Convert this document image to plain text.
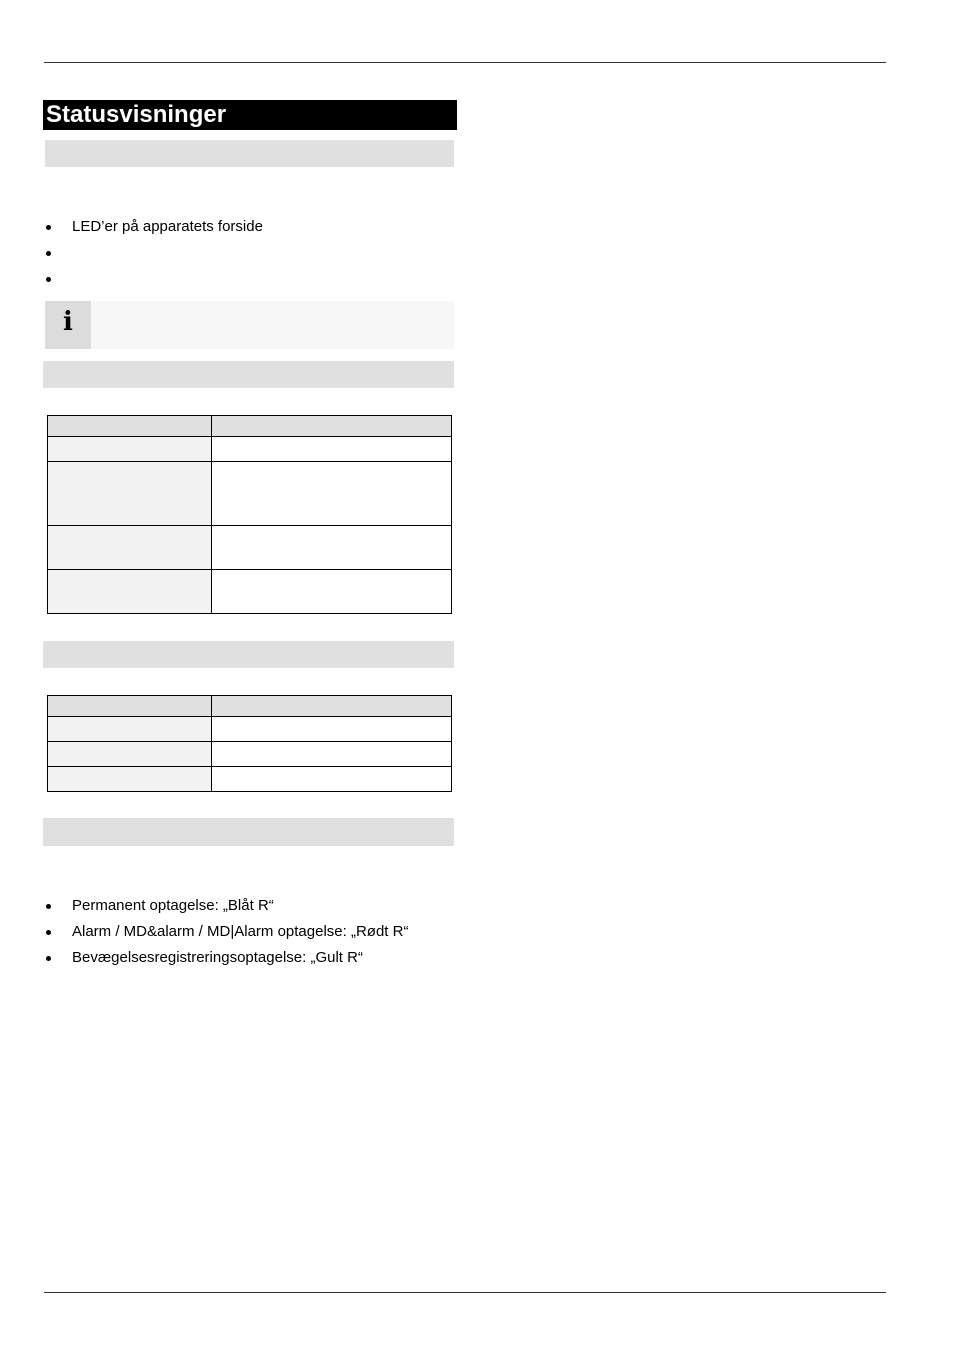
Statusvisninger
LED’er på apparatets forside
i

Permanent optagelse: „Blåt R“
Alarm / MD&alarm / MD|Alarm optagelse: „Rødt R“
Bevægelsesregistreringsoptagelse: „Gult R“
